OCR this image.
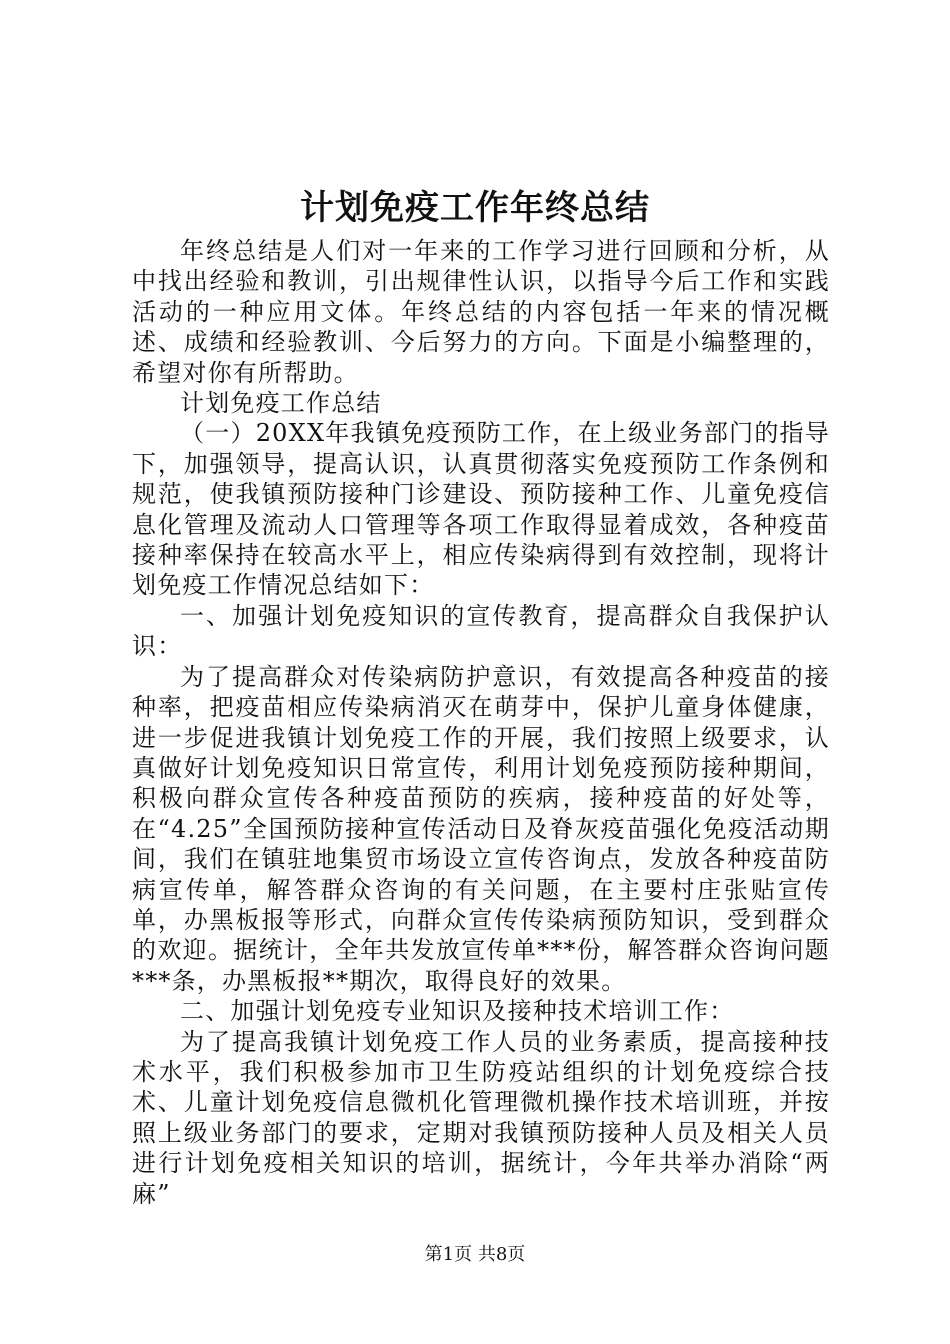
计划免疫工作年终总结

年终总结是人们对一年来的工作学习进行回顾和分析，从中找出经验和教训，引出规律性认识，以指导今后工作和实践活动的一种应用文体。年终总结的内容包括一年来的情况概述、成绩和经验教训、今后努力的方向。下面是小编整理的，希望对你有所帮助。

计划免疫工作总结

（一）20XX年我镇免疫预防工作，在上级业务部门的指导下，加强领导，提高认识，认真贯彻落实免疫预防工作条例和规范，使我镇预防接种门诊建设、预防接种工作、儿童免疫信息化管理及流动人口管理等各项工作取得显着成效，各种疫苗接种率保持在较高水平上，相应传染病得到有效控制，现将计划免疫工作情况总结如下：

一、加强计划免疫知识的宣传教育，提高群众自我保护认识：

为了提高群众对传染病防护意识，有效提高各种疫苗的接种率，把疫苗相应传染病消灭在萌芽中，保护儿童身体健康，进一步促进我镇计划免疫工作的开展，我们按照上级要求，认真做好计划免疫知识日常宣传，利用计划免疫预防接种期间，积极向群众宣传各种疫苗预防的疾病，接种疫苗的好处等，在“4.25”全国预防接种宣传活动日及脊灰疫苗强化免疫活动期间，我们在镇驻地集贸市场设立宣传咨询点，发放各种疫苗防病宣传单，解答群众咨询的有关问题，在主要村庄张贴宣传单，办黑板报等形式，向群众宣传传染病预防知识，受到群众的欢迎。据统计，全年共发放宣传单***份，解答群众咨询问题***条，办黑板报**期次，取得良好的效果。

二、加强计划免疫专业知识及接种技术培训工作：

为了提高我镇计划免疫工作人员的业务素质，提高接种技术水平，我们积极参加市卫生防疫站组织的计划免疫综合技术、儿童计划免疫信息微机化管理微机操作技术培训班，并按照上级业务部门的要求，定期对我镇预防接种人员及相关人员进行计划免疫相关知识的培训，据统计，今年共举办消除“两麻”

第1页 共8页
